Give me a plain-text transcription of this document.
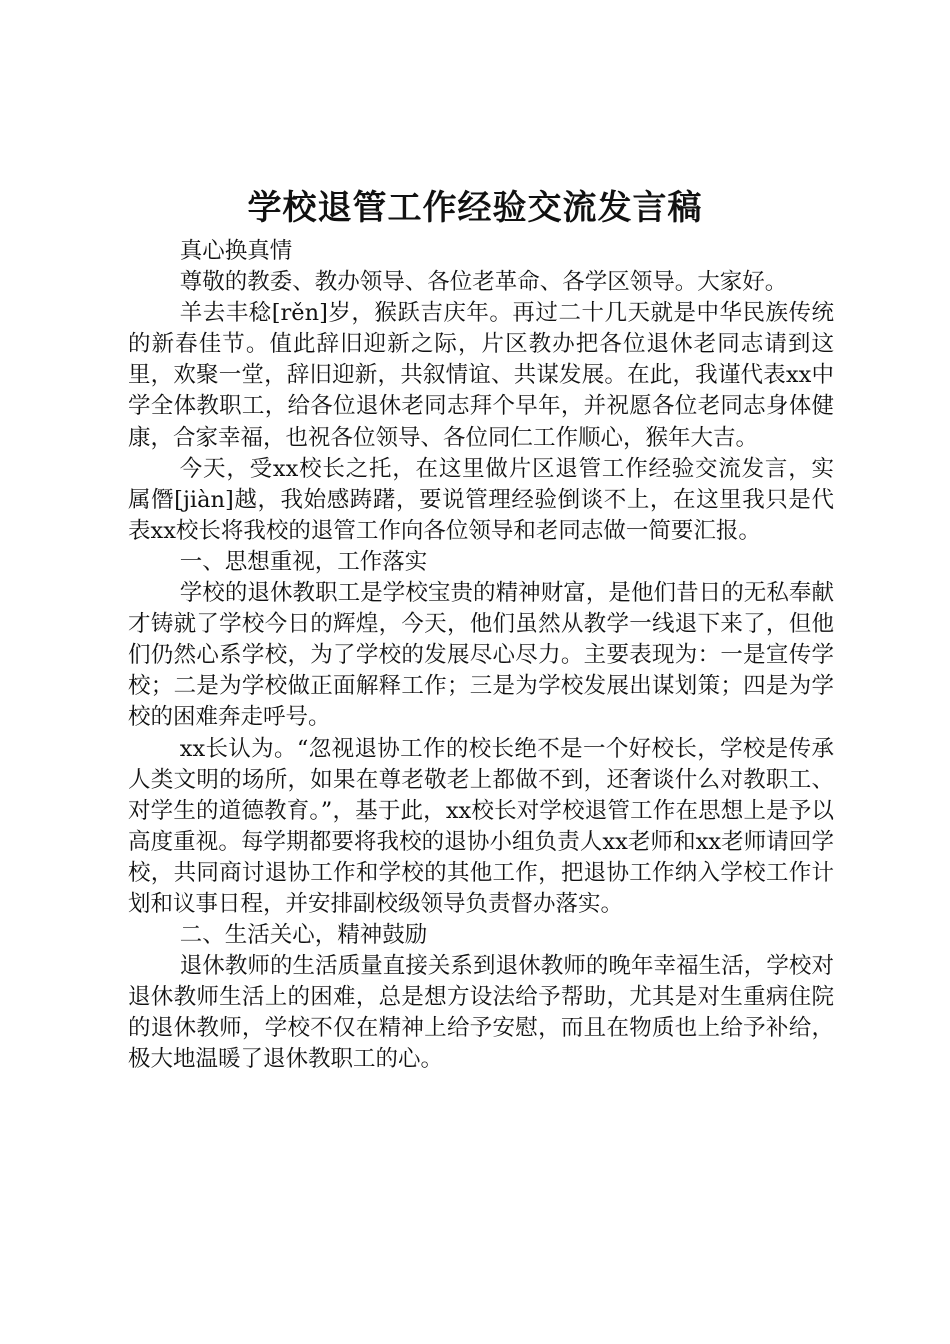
学校退管工作经验交流发言稿

真心换真情

尊敬的教委、教办领导、各位老革命、各学区领导。大家好。

羊去丰稔[rěn]岁，猴跃吉庆年。再过二十几天就是中华民族传统的新春佳节。值此辞旧迎新之际，片区教办把各位退休老同志请到这里，欢聚一堂，辞旧迎新，共叙情谊、共谋发展。在此，我谨代表xx中学全体教职工，给各位退休老同志拜个早年，并祝愿各位老同志身体健康，合家幸福，也祝各位领导、各位同仁工作顺心，猴年大吉。

今天，受xx校长之托，在这里做片区退管工作经验交流发言，实属僭[jiàn]越，我始感踌躇，要说管理经验倒谈不上，在这里我只是代表xx校长将我校的退管工作向各位领导和老同志做一简要汇报。

一、思想重视，工作落实

学校的退休教职工是学校宝贵的精神财富，是他们昔日的无私奉献才铸就了学校今日的辉煌，今天，他们虽然从教学一线退下来了，但他们仍然心系学校，为了学校的发展尽心尽力。主要表现为：一是宣传学校；二是为学校做正面解释工作；三是为学校发展出谋划策；四是为学校的困难奔走呼号。

xx长认为。“忽视退协工作的校长绝不是一个好校长，学校是传承人类文明的场所，如果在尊老敬老上都做不到，还奢谈什么对教职工、对学生的道德教育。”，基于此，xx校长对学校退管工作在思想上是予以高度重视。每学期都要将我校的退协小组负责人xx老师和xx老师请回学校，共同商讨退协工作和学校的其他工作，把退协工作纳入学校工作计划和议事日程，并安排副校级领导负责督办落实。

二、生活关心，精神鼓励

退休教师的生活质量直接关系到退休教师的晚年幸福生活，学校对退休教师生活上的困难，总是想方设法给予帮助，尤其是对生重病住院的退休教师，学校不仅在精神上给予安慰，而且在物质也上给予补给，极大地温暖了退休教职工的心。
